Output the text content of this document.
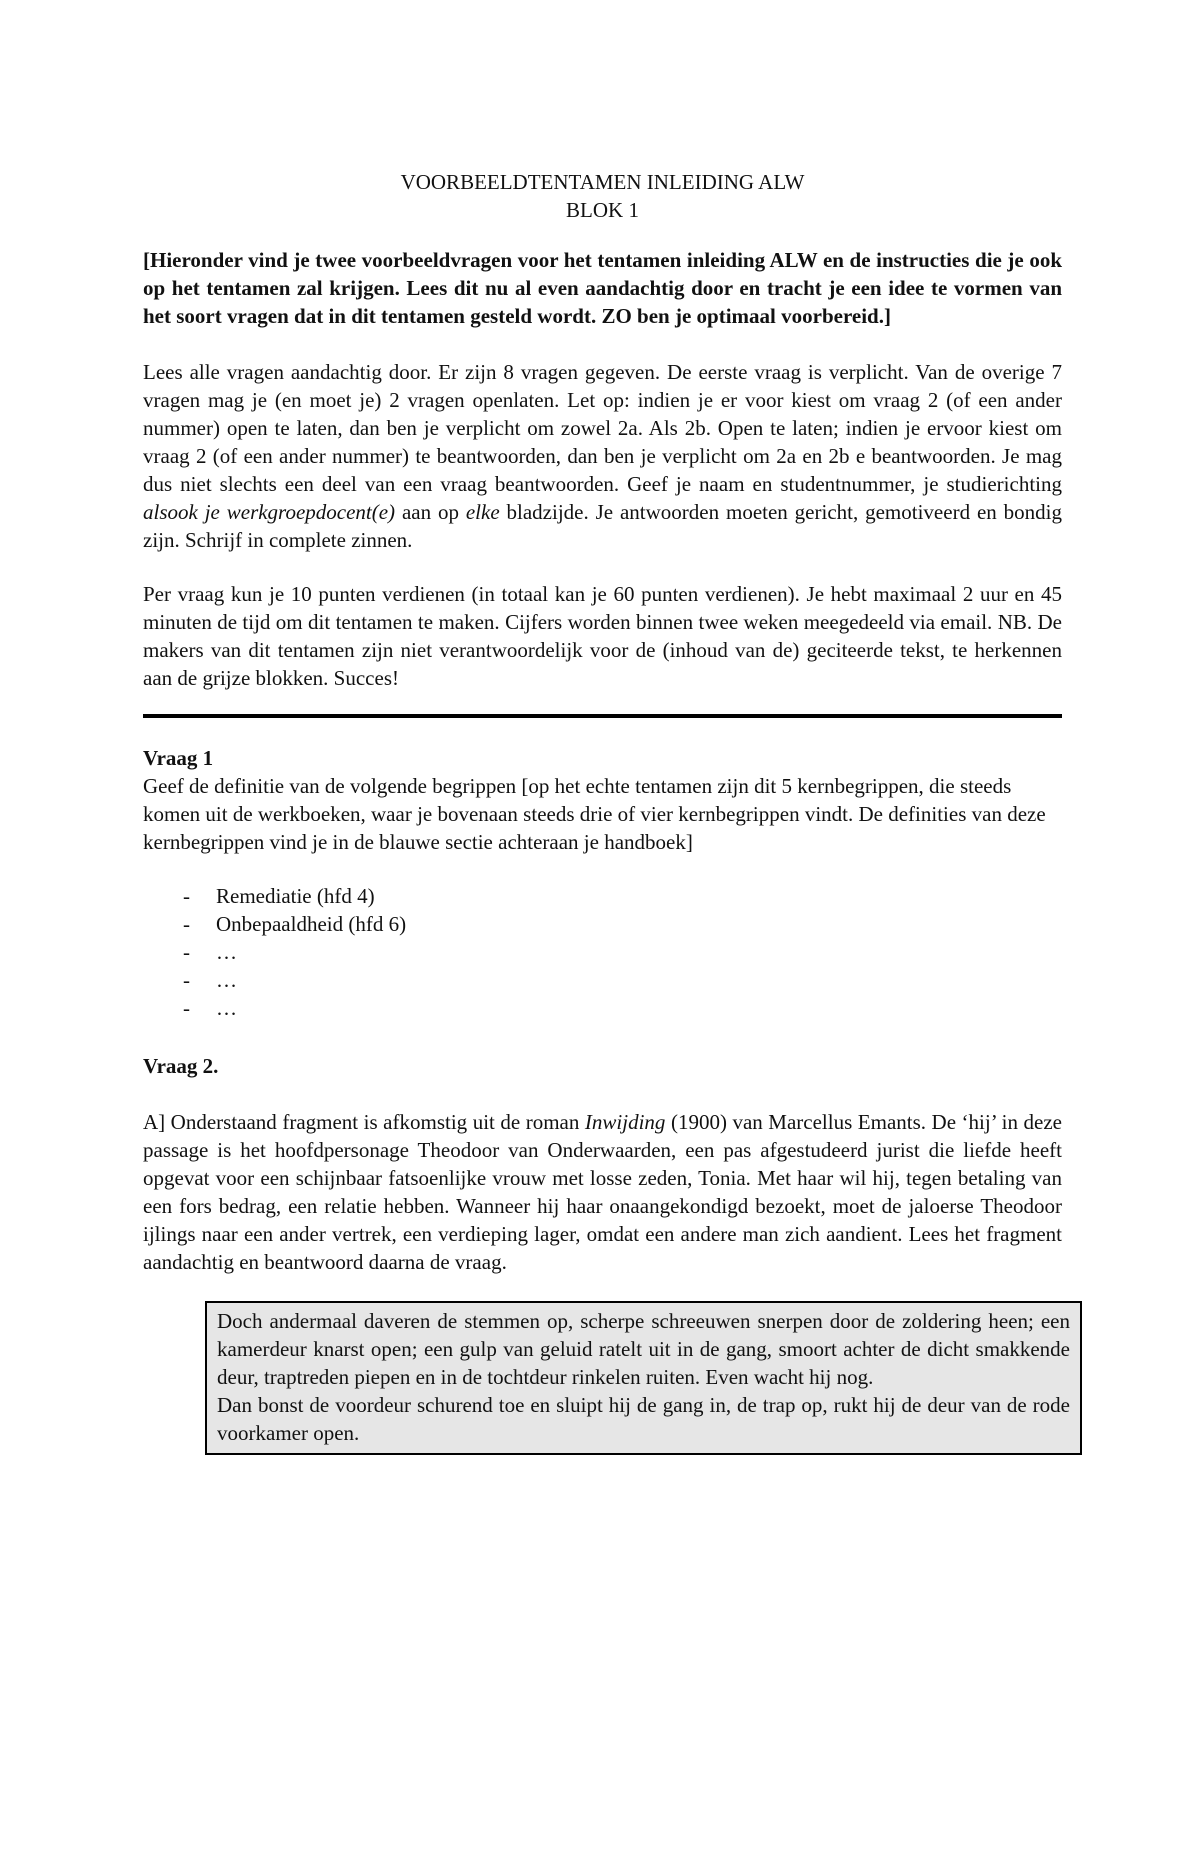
VOORBEELDTENTAMEN INLEIDING ALW
BLOK 1

[Hieronder vind je twee voorbeeldvragen voor het tentamen inleiding ALW en de instructies die je ook op het tentamen zal krijgen. Lees dit nu al even aandachtig door en tracht je een idee te vormen van het soort vragen dat in dit tentamen gesteld wordt. ZO ben je optimaal voorbereid.]

Lees alle vragen aandachtig door. Er zijn 8 vragen gegeven. De eerste vraag is verplicht. Van de overige 7 vragen mag je (en moet je) 2 vragen openlaten. Let op: indien je er voor kiest om vraag 2 (of een ander nummer) open te laten, dan ben je verplicht om zowel 2a. Als 2b. Open te laten; indien je ervoor kiest om vraag 2 (of een ander nummer) te beantwoorden, dan ben je verplicht om 2a en 2b e beantwoorden. Je mag dus niet slechts een deel van een vraag beantwoorden. Geef je naam en studentnummer, je studierichting alsook je werkgroepdocent(e) aan op elke bladzijde. Je antwoorden moeten gericht, gemotiveerd en bondig zijn. Schrijf in complete zinnen.

Per vraag kun je 10 punten verdienen (in totaal kan je 60 punten verdienen). Je hebt maximaal 2 uur en 45 minuten de tijd om dit tentamen te maken. Cijfers worden binnen twee weken meegedeeld via email. NB. De makers van dit tentamen zijn niet verantwoordelijk voor de (inhoud van de) geciteerde tekst, te herkennen aan de grijze blokken. Succes!

Vraag 1

Geef de definitie van de volgende begrippen [op het echte tentamen zijn dit 5 kernbegrippen, die steeds komen uit de werkboeken, waar je bovenaan steeds drie of vier kernbegrippen vindt. De definities van deze kernbegrippen vind je in de blauwe sectie achteraan je handboek]

- Remediatie (hfd 4)
- Onbepaaldheid (hfd 6)
- …
- …
- …
Vraag 2.

A] Onderstaand fragment is afkomstig uit de roman Inwijding (1900) van Marcellus Emants. De ‘hij’ in deze passage is het hoofdpersonage Theodoor van Onderwaarden, een pas afgestudeerd jurist die liefde heeft opgevat voor een schijnbaar fatsoenlijke vrouw met losse zeden, Tonia. Met haar wil hij, tegen betaling van een fors bedrag, een relatie hebben. Wanneer hij haar onaangekondigd bezoekt, moet de jaloerse Theodoor ijlings naar een ander vertrek, een verdieping lager, omdat een andere man zich aandient. Lees het fragment aandachtig en beantwoord daarna de vraag.

Doch andermaal daveren de stemmen op, scherpe schreeuwen snerpen door de zoldering heen; een kamerdeur knarst open; een gulp van geluid ratelt uit in de gang, smoort achter de dicht smakkende deur, traptreden piepen en in de tochtdeur rinkelen ruiten. Even wacht hij nog.

Dan bonst de voordeur schurend toe en sluipt hij de gang in, de trap op, rukt hij de deur van de rode voorkamer open.
